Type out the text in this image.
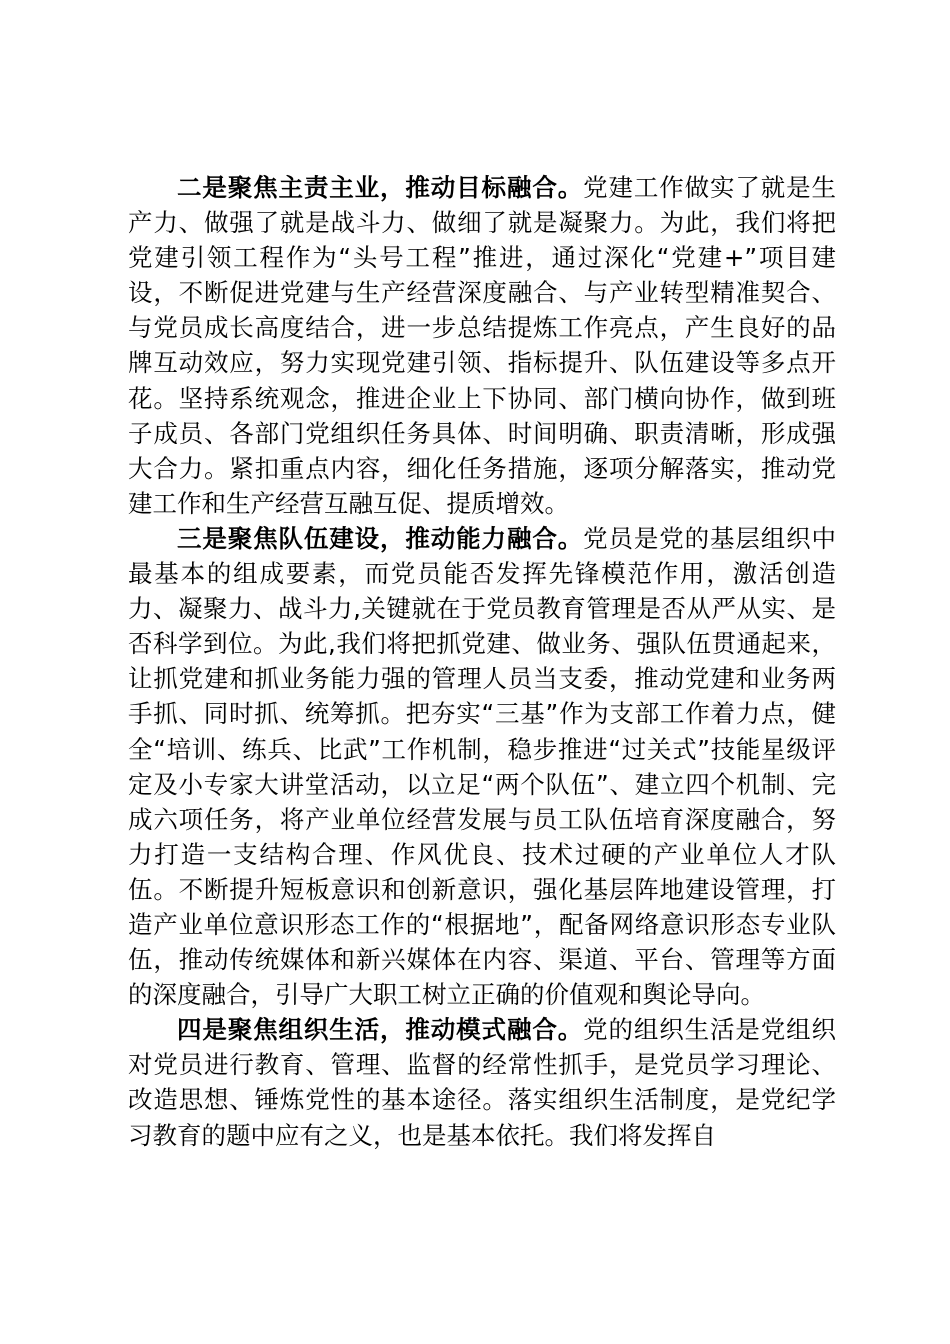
二是聚焦主责主业，推动目标融合。党建工作做实了就是生产力、做强了就是战斗力、做细了就是凝聚力。为此，我们将把党建引领工程作为“头号工程”推进，通过深化“党建+”项目建设，不断促进党建与生产经营深度融合、与产业转型精准契合、与党员成长高度结合，进一步总结提炼工作亮点，产生良好的品牌互动效应，努力实现党建引领、指标提升、队伍建设等多点开花。坚持系统观念，推进企业上下协同、部门横向协作，做到班子成员、各部门党组织任务具体、时间明确、职责清晰，形成强大合力。紧扣重点内容，细化任务措施，逐项分解落实，推动党建工作和生产经营互融互促、提质增效。

三是聚焦队伍建设，推动能力融合。党员是党的基层组织中最基本的组成要素，而党员能否发挥先锋模范作用，激活创造力、凝聚力、战斗力,关键就在于党员教育管理是否从严从实、是否科学到位。为此,我们将把抓党建、做业务、强队伍贯通起来，让抓党建和抓业务能力强的管理人员当支委，推动党建和业务两手抓、同时抓、统筹抓。把夯实“三基”作为支部工作着力点，健全“培训、练兵、比武”工作机制，稳步推进“过关式”技能星级评定及小专家大讲堂活动，以立足“两个队伍”、建立四个机制、完成六项任务，将产业单位经营发展与员工队伍培育深度融合，努力打造一支结构合理、作风优良、技术过硬的产业单位人才队伍。不断提升短板意识和创新意识，强化基层阵地建设管理，打造产业单位意识形态工作的“根据地”，配备网络意识形态专业队伍，推动传统媒体和新兴媒体在内容、渠道、平台、管理等方面的深度融合，引导广大职工树立正确的价值观和舆论导向。

四是聚焦组织生活，推动模式融合。党的组织生活是党组织对党员进行教育、管理、监督的经常性抓手，是党员学习理论、改造思想、锤炼党性的基本途径。落实组织生活制度，是党纪学习教育的题中应有之义，也是基本依托。我们将发挥自
